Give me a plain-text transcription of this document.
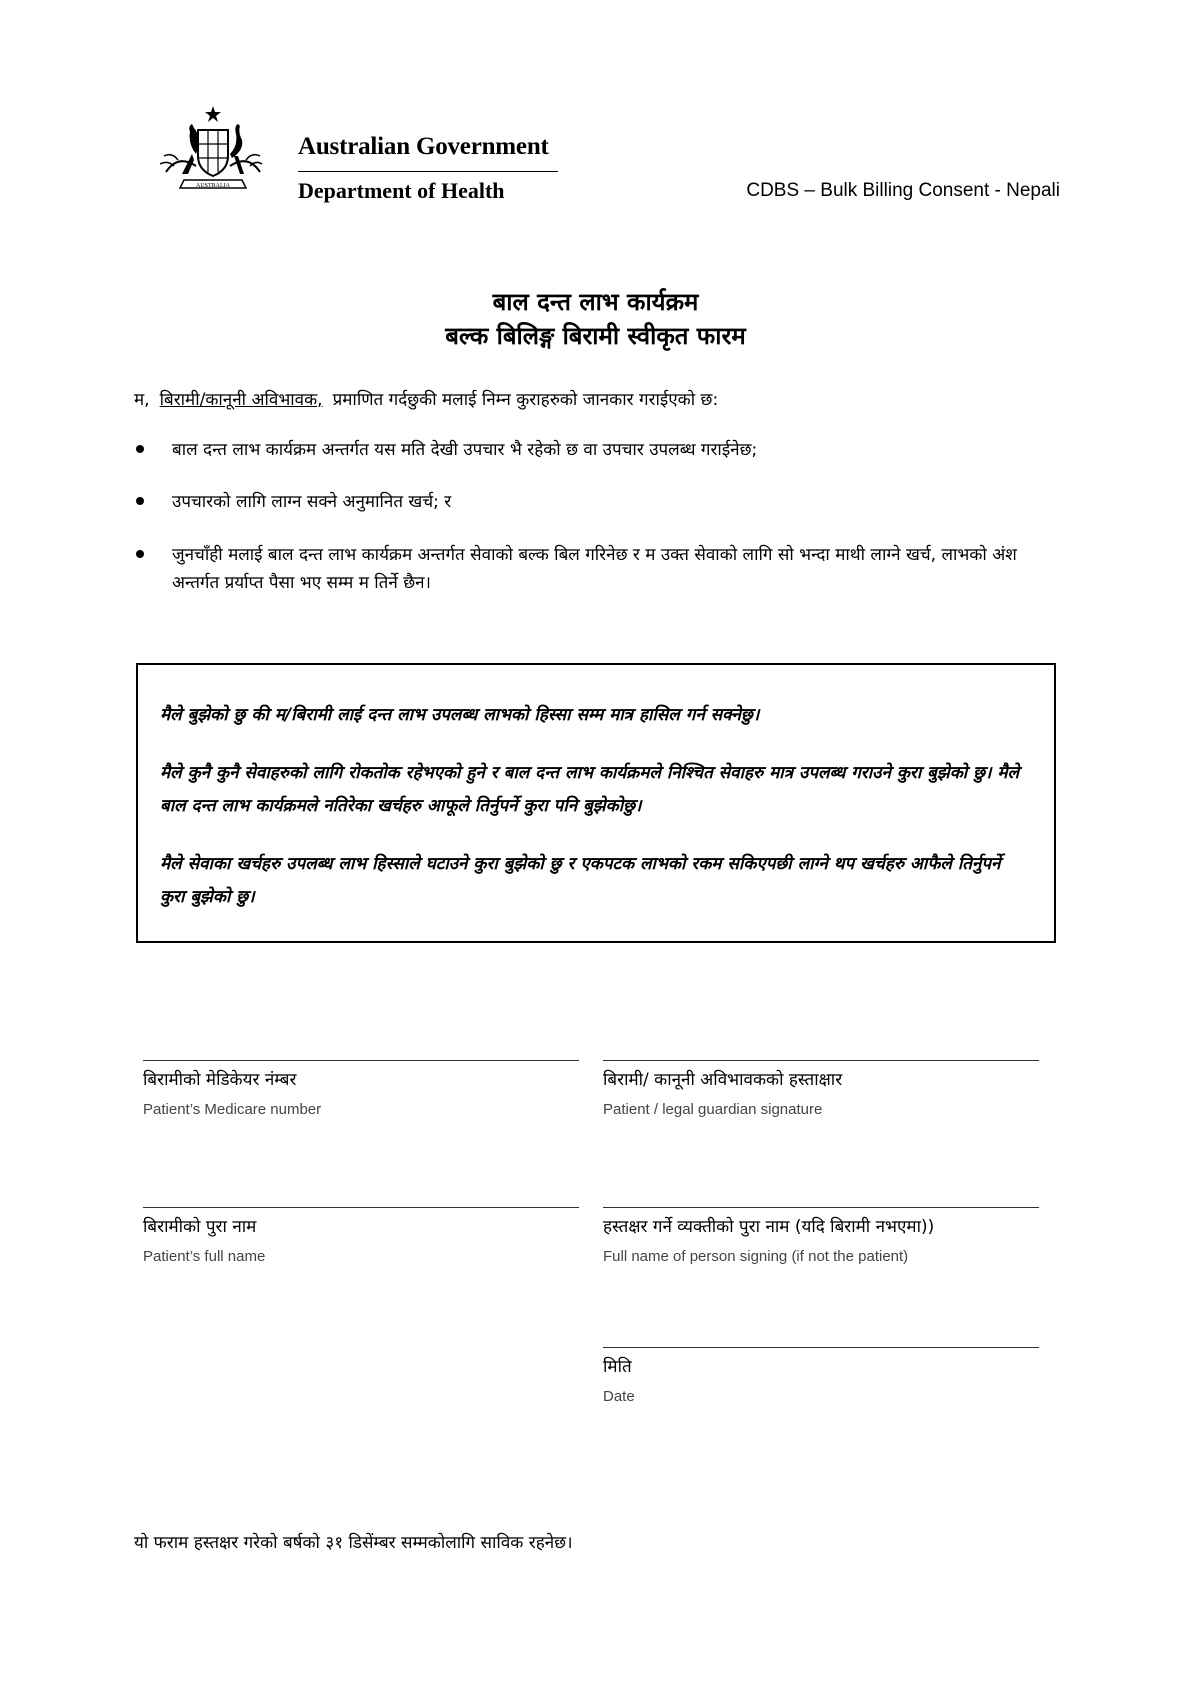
AUSTRALIA
Australian Government
Department of Health	CDBS – Bulk Billing Consent - Nepali
बाल दन्त लाभ कार्यक्रम
बल्क बिलिङ्ग बिरामी स्वीकृत फारम
म, बिरामी/कानूनी अविभावक, प्रमाणित गर्दछुकी मलाई निम्न कुराहरुको जानकार गराईएको छ:
बाल दन्त लाभ कार्यक्रम अन्तर्गत यस मति देखी उपचार भै रहेको छ वा उपचार उपलब्ध गराईनेछ;
उपचारको लागि लाग्न सक्ने अनुमानित खर्च; र
जुनचाँही मलाई बाल दन्त लाभ कार्यक्रम अन्तर्गत सेवाको बल्क बिल गरिनेछ र म उक्त सेवाको लागि सो भन्दा माथी लाग्ने खर्च, लाभको अंश अन्तर्गत प्रर्याप्त पैसा भए सम्म म तिर्ने छैन।

मैले बुझेको छु की म/बिरामी लाई दन्त लाभ उपलब्ध लाभको हिस्सा सम्म मात्र हासिल गर्न सक्नेछु।

मैले कुनै कुनै सेवाहरुको लागि रोकतोक रहेभएको हुने र बाल दन्त लाभ कार्यक्रमले निश्चित सेवाहरु मात्र उपलब्ध गराउने कुरा बुझेको छु। मैले बाल दन्त लाभ कार्यक्रमले नतिरेका खर्चहरु आफूले तिर्नुपर्ने कुरा पनि बुझेकोछु।

मैले सेवाका खर्चहरु उपलब्ध लाभ हिस्साले घटाउने कुरा बुझेको छु र एकपटक लाभको रकम सकिएपछी लाग्ने थप खर्चहरु आफैले तिर्नुपर्ने कुरा बुझेको छु।

बिरामीको मेडिकेयर नंम्बर
Patient’s Medicare number
बिरामी/ कानूनी अविभावकको हस्ताक्षार
Patient / legal guardian signature
बिरामीको पुरा नाम
Patient’s full name
हस्तक्षर गर्ने व्यक्तीको पुरा नाम (यदि बिरामी नभएमा))
Full name of person signing (if not the patient)
मिति
Date
यो फराम हस्तक्षर गरेको बर्षको ३१ डिसेंम्बर सम्मकोलागि साविक रहनेछ।
